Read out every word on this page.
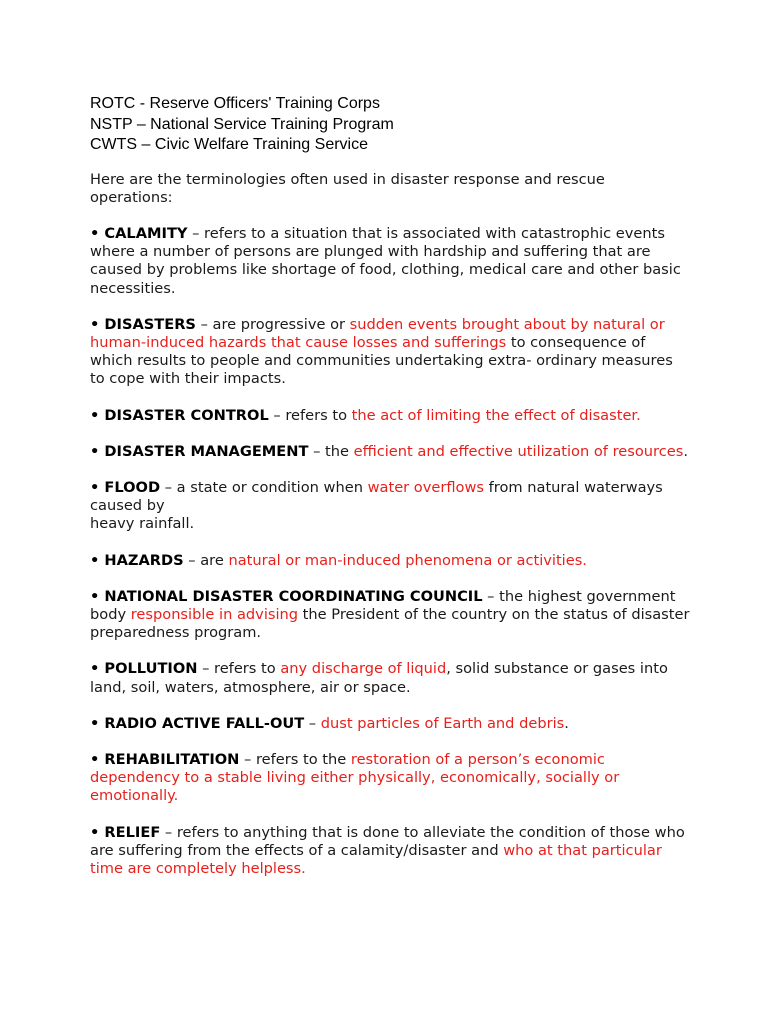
ROTC - Reserve Officers' Training Corps
NSTP – National Service Training Program
CWTS – Civic Welfare Training Service
Here are the terminologies often used in disaster response and rescue operations:
• CALAMITY – refers to a situation that is associated with catastrophic events where a number of persons are plunged with hardship and suffering that are caused by problems like shortage of food, clothing, medical care and other basic necessities.
• DISASTERS – are progressive or sudden events brought about by natural or human-induced hazards that cause losses and sufferings to consequence of which results to people and communities undertaking extra- ordinary measures to cope with their impacts.
• DISASTER CONTROL – refers to the act of limiting the effect of disaster.
• DISASTER MANAGEMENT – the efficient and effective utilization of resources.
• FLOOD – a state or condition when water overflows from natural waterways caused by
heavy rainfall.
• HAZARDS – are natural or man-induced phenomena or activities.
• NATIONAL DISASTER COORDINATING COUNCIL – the highest government body responsible in advising the President of the country on the status of disaster preparedness program.
• POLLUTION – refers to any discharge of liquid, solid substance or gases into land, soil, waters, atmosphere, air or space.
• RADIO ACTIVE FALL-OUT – dust particles of Earth and debris.
• REHABILITATION – refers to the restoration of a person’s economic dependency to a stable living either physically, economically, socially or emotionally.
• RELIEF – refers to anything that is done to alleviate the condition of those who are suffering from the effects of a calamity/disaster and who at that particular time are completely helpless.
